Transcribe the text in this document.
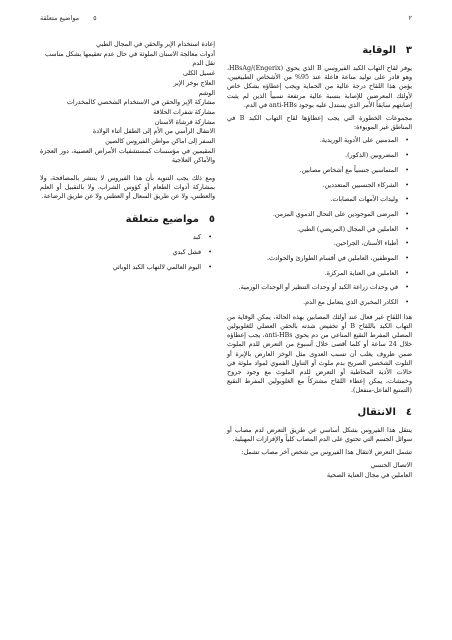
٢
٥
مواضيع متعلقة
٣
الوقاية

يوفر لقاح التهاب الكبد الفيروسي B الذي يحوي (Engerix)/HBsAg، وهو قادر على توليد مناعة فاعلة عند 95% من الأشخاص الطبيعيين، يؤمن هذا اللقاح درجة عالية من الحماية ويجب إعطاؤه بشكل خاص لأولئك المعرضين للإصابة بنسبة عالية مرتفعة نسبياً الذين لم يثبت إصابتهم سابقاً الأمر الذي يستدل عليه بوجود anti-HBs في الدم.

مجموعات الخطورة التي يجب إعطاؤها لقاح التهاب الكبد B في المناطق غير الموبوءة:

• المدمنين على الأدوية الوريدية.
• المضروبين (الذكور).
• المتماسين جنسياً مع أشخاص مصابين.
• الشركاء الجنسيين المتعددين.
• وليدات الأمهات المصابات.
• المرضى الموجودين على التحال الدموي المزمن.
• العاملين في المجال (المريضي) الطبي.
• أطباء الأسنان، الجراحين.
• الموظفين، العاملين في أقسام الطوارئ والحوادث.
• العاملين في العناية المركزة.
• في وحدات زراعة الكبد أو وحدات التنظير أو الوحدات الورمية.
• الكادر المخبري الذي يتعامل مع الدم.

هذا اللقاح غير فعال عند أولئك المصابين بهذه الحالة، يمكن الوقاية من التهاب الكبد باللقاح B أو تخفيض شدته بالحقن العضلي للغلوبولين المصلي المفرط النقيع المناعي من دم يحوي anti-HBs، يجب إعطاؤه خلال 24 ساعة أو كلما أقصى خلال أسبوع من التعرض للدم الملوث ضمن ظروف يغلب أن تسبب العدوى مثل الوخز العارض بالإبرة أو التلوث الشخصي الصريح بدم ملوث أو التناول الفموي لمواد ملوثة في حالات الأذية المخاطية أو التعرض للدم الملوث مع وجود جروح وخمشات، يمكن إعطاء اللقاح مشتركاً مع الغلوبولين المفرط النقيع (التمنيع الفاعل-منفعل).

٤
الانتقال

ينتقل هذا الفيروس بشكل أساسي عن طريق التعرض لدم مصاب أو سوائل الجسم التي تحتوي على الدم المصاب كلياً والإفرازات المهبلية.

تشمل التعرض لانتقال هذا الفيروس من شخص آخر مصاب تشمل:

الاتصال الجنسي
العاملين في مجال العناية الصحية
إعادة استخدام الإبر والحقن في المجال الطبي
أدوات معالجة الاسنان الملوثة في حال عدم تعقيمها بشكل مناسب
نقل الدم
غسيل الكلى
العلاج بوخز الإبر
الوشم
مشاركة الإبر والحقن في الاستخدام الشخصي كالمخدرات
مشاركة شفرات الحلاقة
مشاركة فرشاة الاسنان
الانتقال الرأسي من الأم إلى الطفل أثناء الولادة
السفر إلى اماكن مواطن الفيروس كالصين
المقيمين في مؤسسات كمستشفيات الأمراض العصبية، دور العجزة والأماكن العلاجية

ومع ذلك يجب التنويه بأن هذا الفيروس لا ينتشر بالمصافحة، ولا بمشاركة أدوات الطعام أو كؤوس الشراب، ولا بالتقبيل أو العلم والعطس، ولا عن طريق السعال أو العطس ولا عن طريق الرضاعة.

٥
مواضيع متعلقة
• كبد
• فشل كبدي
• اليوم العالمي لالتهاب الكبد الوبائي
